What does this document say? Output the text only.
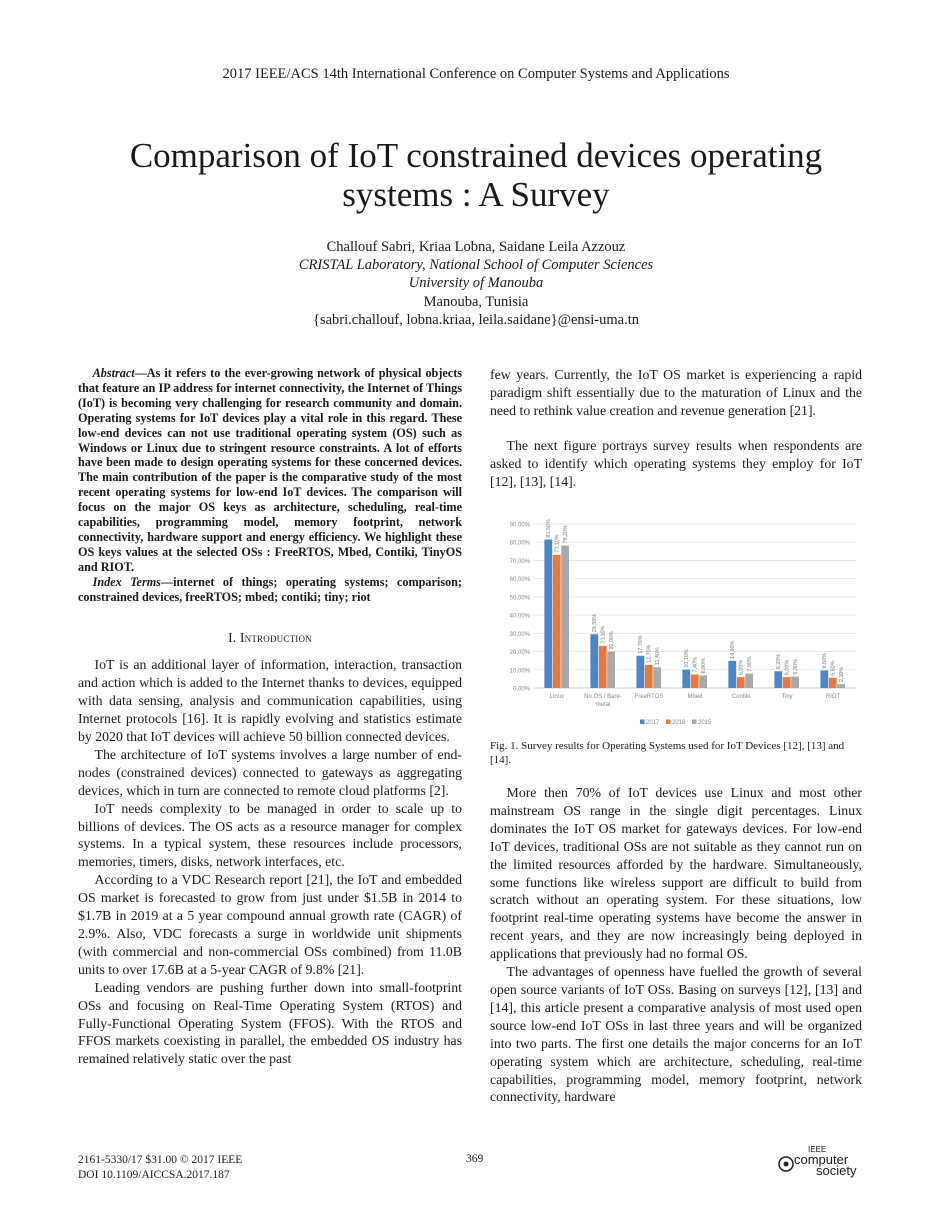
2017 IEEE/ACS 14th International Conference on Computer Systems and Applications
Comparison of IoT constrained devices operating
systems : A Survey
Challouf Sabri, Kriaa Lobna, Saidane Leila Azzouz
CRISTAL Laboratory, National School of Computer Sciences
University of Manouba
Manouba, Tunisia
{sabri.challouf, lobna.kriaa, leila.saidane}@ensi-uma.tn

Abstract—As it refers to the ever-growing network of physical objects that feature an IP address for internet connectivity, the Internet of Things (IoT) is becoming very challenging for research community and domain. Operating systems for IoT devices play a vital role in this regard. These low-end devices can not use traditional operating system (OS) such as Windows or Linux due to stringent resource constraints. A lot of efforts have been made to design operating systems for these concerned devices. The main contribution of the paper is the comparative study of the most recent operating systems for low-end IoT devices. The comparison will focus on the major OS keys as architecture, scheduling, real-time capabilities, programming model, memory footprint, network connectivity, hardware support and energy efficiency. We highlight these OS keys values at the selected OSs : FreeRTOS, Mbed, Contiki, TinyOS and RIOT.

Index Terms—internet of things; operating systems; comparison; constrained devices, freeRTOS; mbed; contiki; tiny; riot

I. Introduction

IoT is an additional layer of information, interaction, transaction and action which is added to the Internet thanks to devices, equipped with data sensing, analysis and communication capabilities, using Internet protocols [16]. It is rapidly evolving and statistics estimate by 2020 that IoT devices will achieve 50 billion connected devices.

The architecture of IoT systems involves a large number of end-nodes (constrained devices) connected to gateways as aggregating devices, which in turn are connected to remote cloud platforms [2].

IoT needs complexity to be managed in order to scale up to billions of devices. The OS acts as a resource manager for complex systems. In a typical system, these resources include processors, memories, timers, disks, network interfaces, etc.

According to a VDC Research report [21], the IoT and embedded OS market is forecasted to grow from just under $1.5B in 2014 to $1.7B in 2019 at a 5 year compound annual growth rate (CAGR) of 2.9%. Also, VDC forecasts a surge in worldwide unit shipments (with commercial and non-commercial OSs combined) from 11.0B units to over 17.6B at a 5-year CAGR of 9.8% [21].

Leading vendors are pushing further down into small-footprint OSs and focusing on Real-Time Operating System (RTOS) and Fully-Functional Operating System (FFOS). With the RTOS and FFOS markets coexisting in parallel, the embedded OS industry has remained relatively static over the past

few years. Currently, the IoT OS market is experiencing a rapid paradigm shift essentially due to the maturation of Linux and the need to rethink value creation and revenue generation [21].

The next figure portrays survey results when respondents are asked to identify which operating systems they employ for IoT [12], [13], [14].

0,00%
10,00%
20,00%
30,00%
40,00%
50,00%
60,00%
70,00%
80,00%
90,00%	81,50%
73,10%
78,20%
Linux
29,50%
23,10% 20,00%
No OS / Bare-
metal
17,70% 12,70% 11,40%
FreeRTOS
10,10% 7,40% 6,90%
Mbed
14,90%
6,00% 7,90%
Contiki
9,20% 6,00% 6,30%
Tiny
9,60% 5,60% 2,10%
RIOT
2017 2016 2015
Fig. 1. Survey results for Operating Systems used for IoT Devices [12], [13] and [14].

More then 70% of IoT devices use Linux and most other mainstream OS range in the single digit percentages. Linux dominates the IoT OS market for gateways devices. For low-end IoT devices, traditional OSs are not suitable as they cannot run on the limited resources afforded by the hardware. Simultaneously, some functions like wireless support are difficult to build from scratch without an operating system. For these situations, low footprint real-time operating systems have become the answer in recent years, and they are now increasingly being deployed in applications that previously had no formal OS.

The advantages of openness have fuelled the growth of several open source variants of IoT OSs. Basing on surveys [12], [13] and [14], this article present a comparative analysis of most used open source low-end IoT OSs in last three years and will be organized into two parts. The first one details the major concerns for an IoT operating system which are architecture, scheduling, real-time capabilities, programming model, memory footprint, network connectivity, hardware

2161-5330/17 $31.00 © 2017 IEEE
DOI 10.1109/AICCSA.2017.187
369
IEEE
computer
society
